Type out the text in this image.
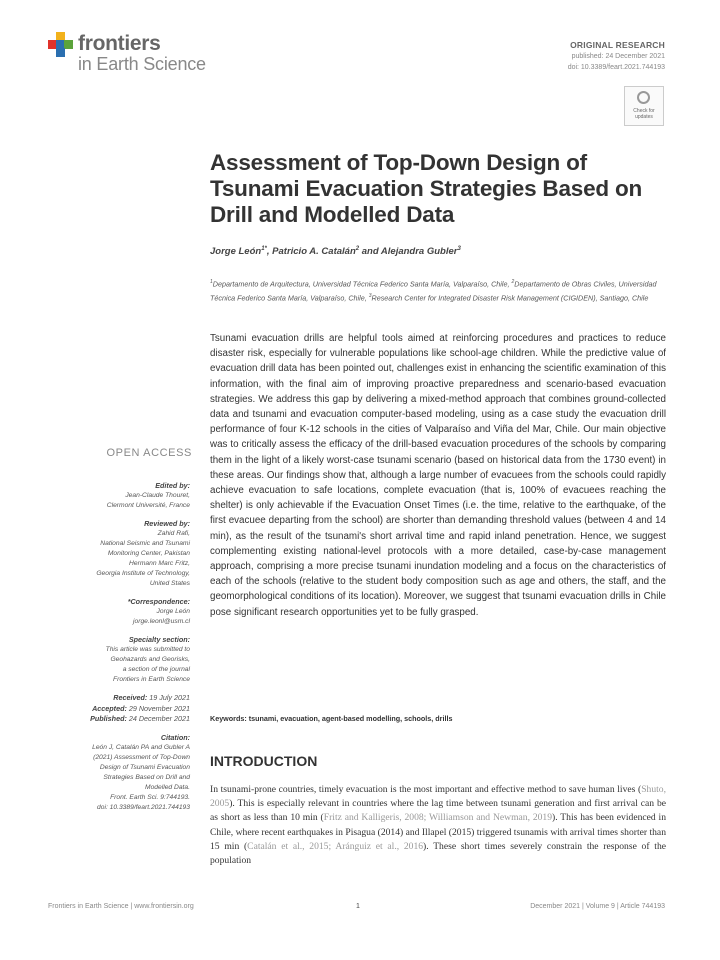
frontiers
in Earth Science
ORIGINAL RESEARCH
published: 24 December 2021
doi: 10.3389/feart.2021.744193
Check for updates
Assessment of Top-Down Design of Tsunami Evacuation Strategies Based on Drill and Modelled Data
Jorge León$^{1*}$, Patricio A. Catalán$^2$ and Alejandra Gubler$^3$
$^1$Departamento de Arquitectura, Universidad Técnica Federico Santa María, Valparaíso, Chile, $^2$Departamento de Obras Civiles, Universidad Técnica Federico Santa María, Valparaíso, Chile, $^3$Research Center for Integrated Disaster Risk Management (CIGIDEN), Santiago, Chile
Tsunami evacuation drills are helpful tools aimed at reinforcing procedures and practices to reduce disaster risk, especially for vulnerable populations like school-age children. While the predictive value of evacuation drill data has been pointed out, challenges exist in enhancing the scientific examination of this information, with the final aim of improving proactive preparedness and scenario-based evacuation strategies. We address this gap by delivering a mixed-method approach that combines ground-collected data and tsunami and evacuation computer-based modeling, using as a case study the evacuation drill performance of four K-12 schools in the cities of Valparaíso and Viña del Mar, Chile. Our main objective was to critically assess the efficacy of the drill-based evacuation procedures of the schools by comparing them in the light of a likely worst-case tsunami scenario (based on historical data from the 1730 event) in these areas. Our findings show that, although a large number of evacuees from the schools could rapidly achieve evacuation to safe locations, complete evacuation (that is, 100% of evacuees reaching the shelter) is only achievable if the Evacuation Onset Times (i.e. the time, relative to the earthquake, of the first evacuee departing from the school) are shorter than demanding threshold values (between 4 and 14 min), as the result of the tsunami's short arrival time and rapid inland penetration. Hence, we suggest complementing existing national-level protocols with a more detailed, case-by-case management approach, comprising a more precise tsunami inundation modeling and a focus on the characteristics of each of the schools (relative to the student body composition such as age and others, the staff, and the geomorphological conditions of its location). Moreover, we suggest that tsunami evacuation drills in Chile pose significant research opportunities yet to be fully grasped.
Keywords: tsunami, evacuation, agent-based modelling, schools, drills
INTRODUCTION
In tsunami-prone countries, timely evacuation is the most important and effective method to save human lives (Shuto, 2005). This is especially relevant in countries where the lag time between tsunami generation and first arrival can be as short as less than 10 min (Fritz and Kalligeris, 2008; Williamson and Newman, 2019). This has been evidenced in Chile, where recent earthquakes in Pisagua (2014) and Illapel (2015) triggered tsunamis with arrival times shorter than 15 min (Catalán et al., 2015; Aránguiz et al., 2016). These short times severely constrain the response of the population
OPEN ACCESS
Edited by:
Jean-Claude Thouret,
Clermont Université, France
Reviewed by:
Zahid Rafi,
National Seismic and Tsunami
Monitoring Center, Pakistan
Hermann Marc Fritz,
Georgia Institute of Technology,
United States
*Correspondence:
Jorge León
jorge.leonl@usm.cl
Specialty section:
This article was submitted to
Geohazards and Georisks,
a section of the journal
Frontiers in Earth Science
Received: 19 July 2021
Accepted: 29 November 2021
Published: 24 December 2021
Citation:
León J, Catalán PA and Gubler A
(2021) Assessment of Top-Down
Design of Tsunami Evacuation
Strategies Based on Drill and
Modelled Data.
Front. Earth Sci. 9:744193.
doi: 10.3389/feart.2021.744193
Frontiers in Earth Science | www.frontiersin.org	1	December 2021 | Volume 9 | Article 744193
